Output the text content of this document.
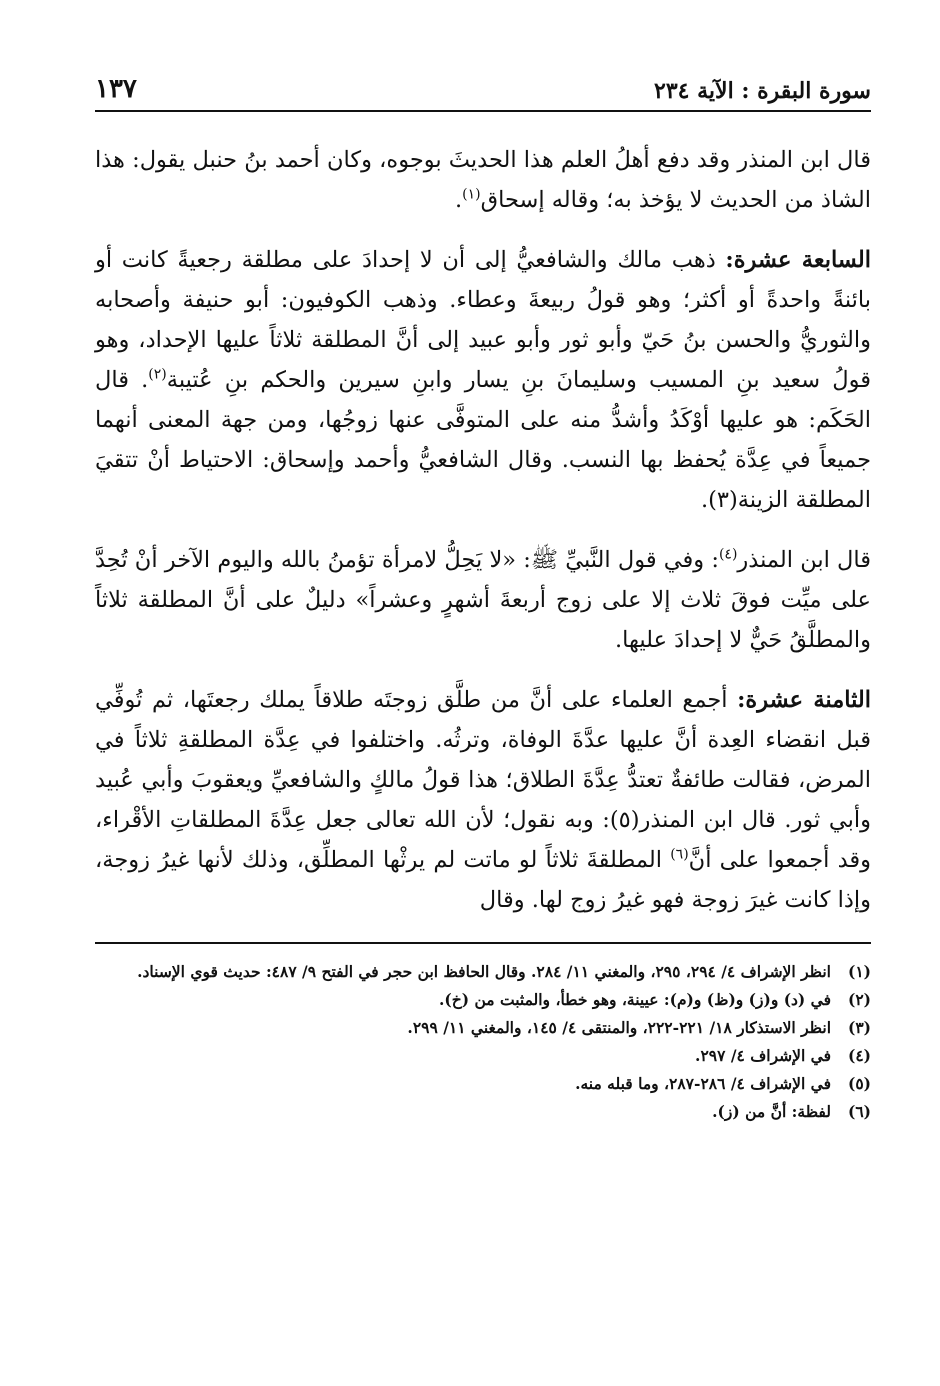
سورة البقرة : الآية ٢٣٤
١٣٧

قال ابن المنذر وقد دفع أهلُ العلم هذا الحديثَ بوجوه، وكان أحمد بنُ حنبل يقول: هذا الشاذ من الحديث لا يؤخذ به؛ وقاله إسحاق$^{(١)}$.

السابعة عشرة: ذهب مالك والشافعيُّ إلى أن لا إحدادَ على مطلقة رجعيةً كانت أو بائنةً واحدةً أو أكثر؛ وهو قولُ ربيعةَ وعطاء. وذهب الكوفيون: أبو حنيفة وأصحابه والثوريُّ والحسن بنُ حَيّ وأبو ثور وأبو عبيد إلى أنَّ المطلقة ثلاثاً عليها الإحداد، وهو قولُ سعيد بنِ المسيب وسليمانَ بنِ يسار وابنِ سيرين والحكم بنِ عُتيبة$^{(٢)}$. قال الحَكَم: هو عليها أوْكَدُ وأشدُّ منه على المتوفَّى عنها زوجُها، ومن جهة المعنى أنهما جميعاً في عِدَّة يُحفظ بها النسب. وقال الشافعيُّ وأحمد وإسحاق: الاحتياط أنْ تتقيَ المطلقة الزينة(٣).

قال ابن المنذر$^{(٤)}$: وفي قول النَّبيِّ ﷺ: «لا يَحِلُّ لامرأة تؤمنُ بالله واليوم الآخر أنْ تُحِدَّ على ميِّت فوقَ ثلاث إلا على زوج أربعةَ أشهرٍ وعشراً» دليلٌ على أنَّ المطلقة ثلاثاً والمطلَّقُ حَيٌّ لا إحدادَ عليها.

الثامنة عشرة: أجمع العلماء على أنَّ من طلَّق زوجتَه طلاقاً يملك رجعتَها، ثم تُوفِّي قبل انقضاء العِدة أنَّ عليها عدَّةَ الوفاة، وترثُه. واختلفوا في عِدَّة المطلقةِ ثلاثاً في المرض، فقالت طائفةٌ تعتدُّ عِدَّةَ الطلاق؛ هذا قولُ مالكٍ والشافعيِّ ويعقوبَ وأبي عُبيد وأبي ثور. قال ابن المنذر(٥): وبه نقول؛ لأن الله تعالى جعل عِدَّةَ المطلقاتِ الأقْراء، وقد أجمعوا على أنَّ$^{(٦)}$ المطلقةَ ثلاثاً لو ماتت لم يرثْها المطلِّق، وذلك لأنها غيرُ زوجة، وإذا كانت غيرَ زوجة فهو غيرُ زوج لها. وقال

(١)
انظر الإشراف ٤/ ٢٩٤، ٢٩٥، والمغني ١١/ ٢٨٤. وقال الحافظ ابن حجر في الفتح ٩/ ٤٨٧: حديث قوي الإسناد.
(٢)
في (د) و(ز) و(ظ) و(م): عيينة، وهو خطأ، والمثبت من (خ).
(٣)
انظر الاستذكار ١٨/ ٢٢١-٢٢٢، والمنتقى ٤/ ١٤٥، والمغني ١١/ ٢٩٩.
(٤)
في الإشراف ٤/ ٢٩٧.
(٥)
في الإشراف ٤/ ٢٨٦-٢٨٧، وما قبله منه.
(٦)
لفظة: أنَّ من (ز).
